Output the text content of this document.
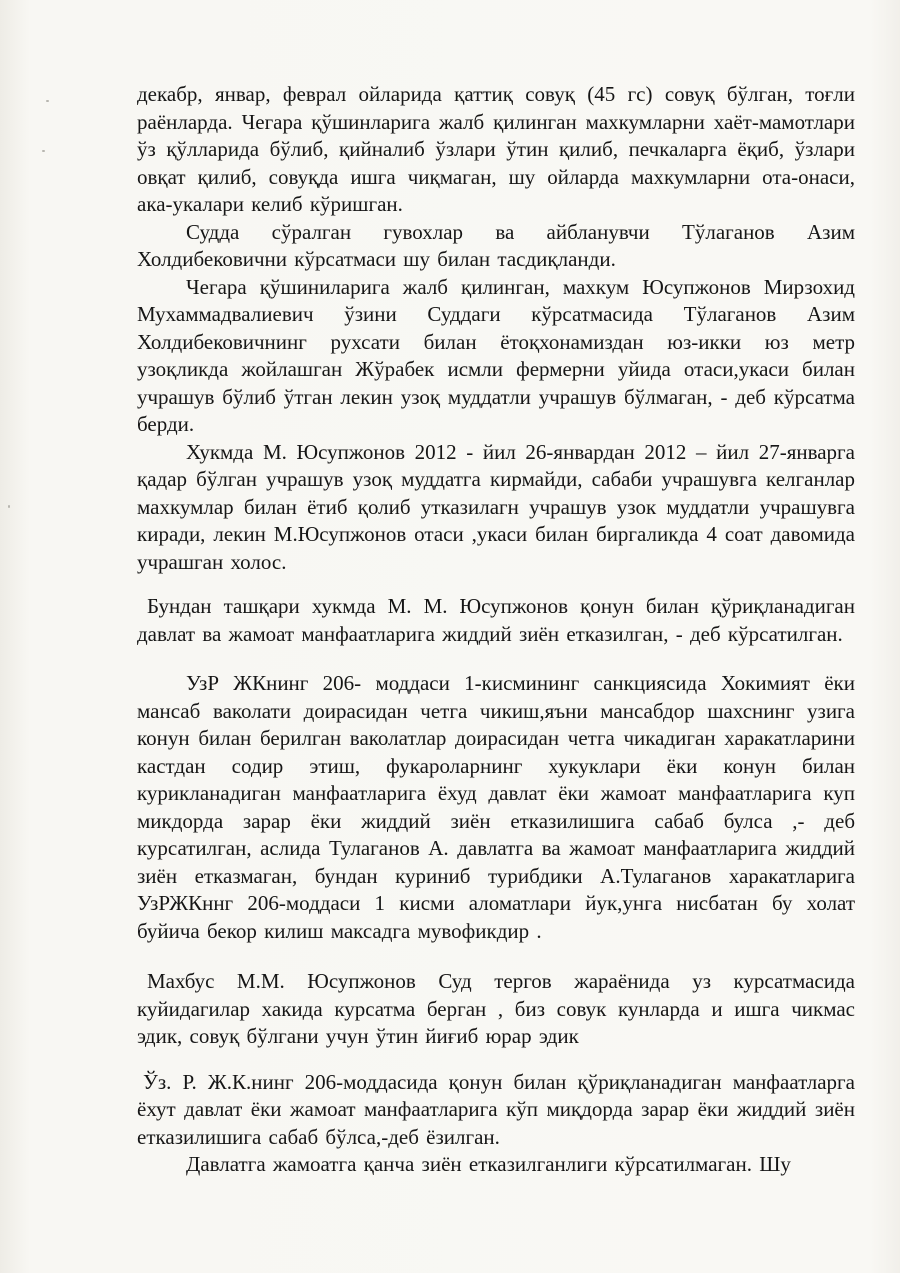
декабр, январ, феврал ойларида қаттиқ совуқ (45 гс) совуқ бўлган, тоғли раёнларда. Чегара қўшинларига жалб қилинган махкумларни хаёт-мамотлари ўз қўлларида бўлиб, қийналиб ўзлари ўтин қилиб, печкаларга ёқиб, ўзлари овқат қилиб, совуқда ишга чиқмаган, шу ойларда махкумларни ота-онаси, ака-укалари келиб кўришган.

Судда сўралган гувохлар ва айбланувчи Тўлаганов Азим Холдибековични кўрсатмаси шу билан тасдиқланди.

Чегара қўшиниларига жалб қилинган, махкум Юсупжонов Мирзохид Мухаммадвалиевич ўзини Суддаги кўрсатмасида Тўлаганов Азим Холдибековичнинг рухсати билан ётоқхонамиздан юз-икки юз метр узоқликда жойлашган Жўрабек исмли фермерни уйида отаси,укаси билан учрашув бўлиб ўтган лекин узоқ муддатли учрашув бўлмаган, - деб кўрсатма берди.

Хукмда М. Юсупжонов 2012 - йил 26-январдан 2012 – йил 27-январга қадар бўлган учрашув узоқ муддатга кирмайди, сабаби учрашувга келганлар махкумлар билан ётиб қолиб утказилагн учрашув узок муддатли учрашувга киради, лекин М.Юсупжонов отаси ,укаси билан биргаликда 4 соат давомида учрашган холос.

Бундан ташқари хукмда М. М. Юсупжонов қонун билан қўриқланадиган давлат ва жамоат манфаатларига жиддий зиён етказилган, - деб кўрсатилган.

УзР ЖКнинг 206- моддаси 1-кисмининг санкциясида Хокимият ёки мансаб ваколати доирасидан четга чикиш,яъни мансабдор шахснинг узига конун билан берилган ваколатлар доирасидан четга чикадиган харакатларини кастдан содир этиш, фукароларнинг хукуклари ёки конун билан курикланадиган манфаатларига ёхуд давлат ёки жамоат манфаатларига куп микдорда зарар ёки жиддий зиён етказилишига сабаб булса ,- деб курсатилган, аслида Тулаганов А. давлатга ва жамоат манфаатларига жиддий зиён етказмаган, бундан куриниб турибдики А.Тулаганов харакатларига УзРЖКннг 206-моддаси 1 кисми аломатлари йук,унга нисбатан бу холат буйича бекор килиш максадга мувофикдир .

Махбус М.М. Юсупжонов Суд тергов жараёнида уз курсатмасида куйидагилар хакида курсатма берган , биз совук кунларда и ишга чикмас эдик, совуқ бўлгани учун ўтин йиғиб юрар эдик

Ўз. Р. Ж.К.нинг 206-моддасида қонун билан қўриқланадиган манфаатларга ёхут давлат ёки жамоат манфаатларига кўп миқдорда зарар ёки жиддий зиён етказилишига сабаб бўлса,-деб ёзилган.

Давлатга жамоатга қанча зиён етказилганлиги кўрсатилмаган. Шу
